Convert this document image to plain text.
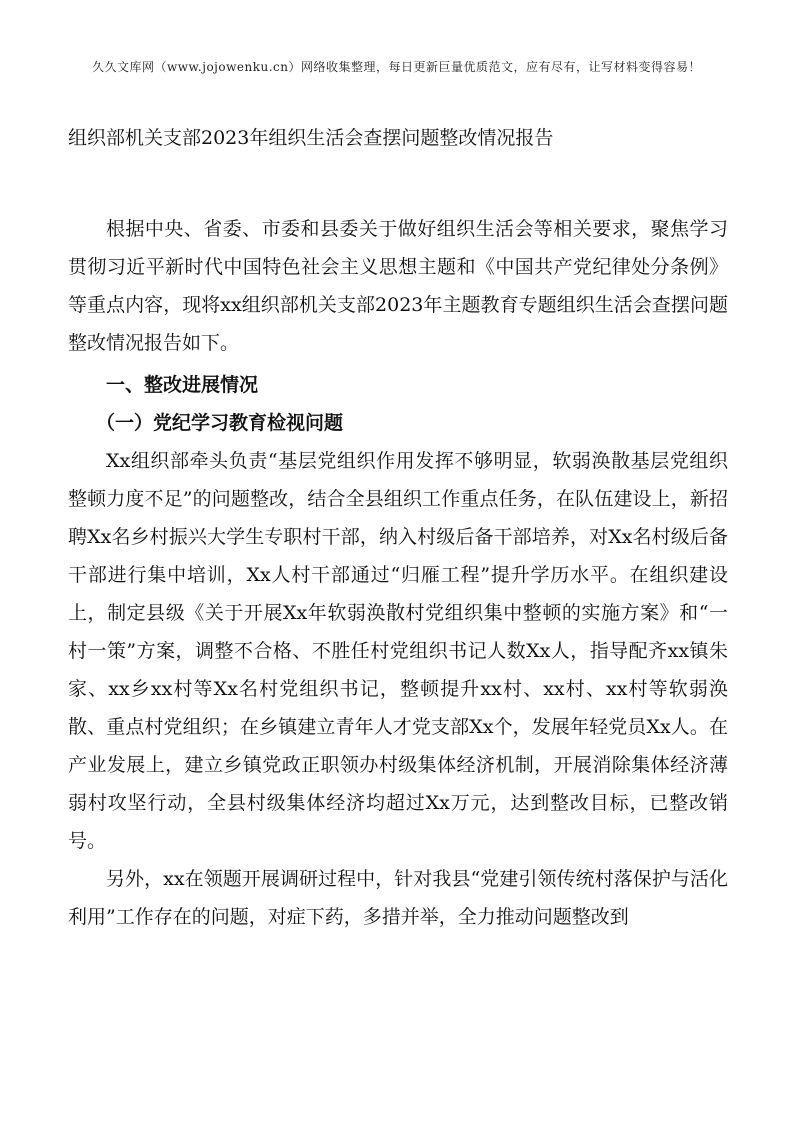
久久文库网（www.jojowenku.cn）网络收集整理，每日更新巨量优质范文，应有尽有，让写材料变得容易！
组织部机关支部2023年组织生活会查摆问题整改情况报告

根据中央、省委、市委和县委关于做好组织生活会等相关要求，聚焦学习贯彻习近平新时代中国特色社会主义思想主题和《中国共产党纪律处分条例》等重点内容，现将xx组织部机关支部2023年主题教育专题组织生活会查摆问题整改情况报告如下。

一、整改进展情况

（一）党纪学习教育检视问题

Xx组织部牵头负责“基层党组织作用发挥不够明显，软弱涣散基层党组织整顿力度不足”的问题整改，结合全县组织工作重点任务，在队伍建设上，新招聘Xx名乡村振兴大学生专职村干部，纳入村级后备干部培养，对Xx名村级后备干部进行集中培训，Xx人村干部通过“归雁工程”提升学历水平。在组织建设上，制定县级《关于开展Xx年软弱涣散村党组织集中整顿的实施方案》和“一村一策”方案，调整不合格、不胜任村党组织书记人数Xx人，指导配齐xx镇朱家、xx乡xx村等Xx名村党组织书记，整顿提升xx村、xx村、xx村等软弱涣散、重点村党组织；在乡镇建立青年人才党支部Xx个，发展年轻党员Xx人。在产业发展上，建立乡镇党政正职领办村级集体经济机制，开展消除集体经济薄弱村攻坚行动，全县村级集体经济均超过Xx万元，达到整改目标，已整改销号。

另外，xx在领题开展调研过程中，针对我县“党建引领传统村落保护与活化利用”工作存在的问题，对症下药，多措并举，全力推动问题整改到
